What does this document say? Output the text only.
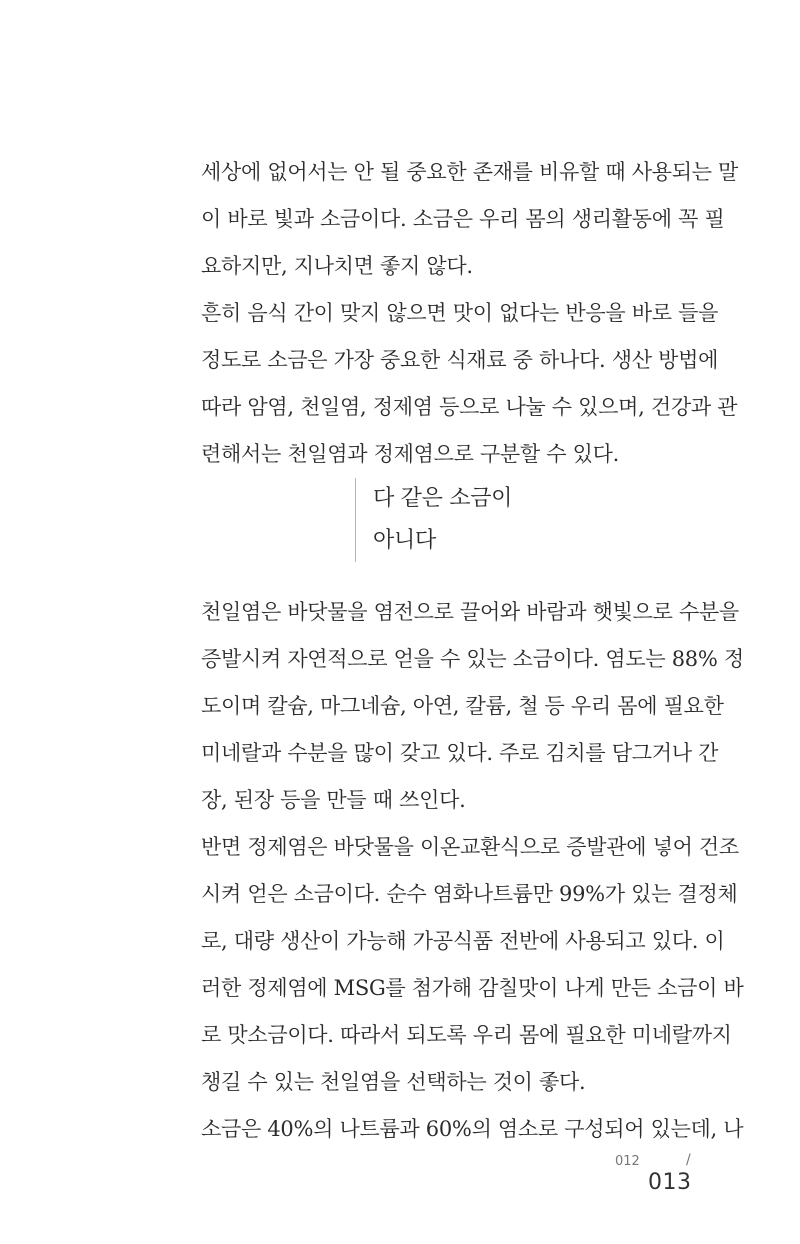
세상에 없어서는 안 될 중요한 존재를 비유할 때 사용되는 말
이 바로 빛과 소금이다. 소금은 우리 몸의 생리활동에 꼭 필
요하지만, 지나치면 좋지 않다.
흔히 음식 간이 맞지 않으면 맛이 없다는 반응을 바로 들을
정도로 소금은 가장 중요한 식재료 중 하나다. 생산 방법에
따라 암염, 천일염, 정제염 등으로 나눌 수 있으며, 건강과 관
련해서는 천일염과 정제염으로 구분할 수 있다.
다 같은 소금이
아니다
천일염은 바닷물을 염전으로 끌어와 바람과 햇빛으로 수분을
증발시켜 자연적으로 얻을 수 있는 소금이다. 염도는 88% 정
도이며 칼슘, 마그네슘, 아연, 칼륨, 철 등 우리 몸에 필요한
미네랄과 수분을 많이 갖고 있다. 주로 김치를 담그거나 간
장, 된장 등을 만들 때 쓰인다.
반면 정제염은 바닷물을 이온교환식으로 증발관에 넣어 건조
시켜 얻은 소금이다. 순수 염화나트륨만 99%가 있는 결정체
로, 대량 생산이 가능해 가공식품 전반에 사용되고 있다. 이
러한 정제염에 MSG를 첨가해 감칠맛이 나게 만든 소금이 바
로 맛소금이다. 따라서 되도록 우리 몸에 필요한 미네랄까지
챙길 수 있는 천일염을 선택하는 것이 좋다.
소금은 40%의 나트륨과 60%의 염소로 구성되어 있는데, 나
012	/
013
